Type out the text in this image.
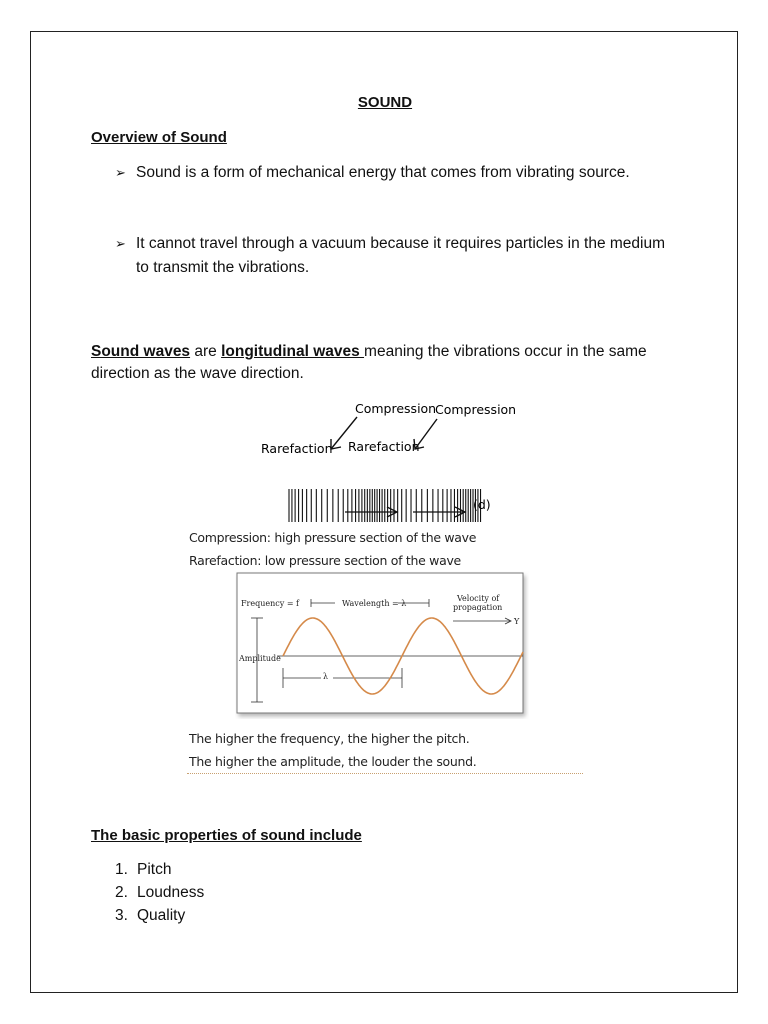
SOUND
Overview of Sound
➢ Sound is a form of mechanical energy that comes from vibrating source.
➢ It cannot travel through a vacuum because it requires particles in the medium to transmit the vibrations.
Sound waves are longitudinal waves meaning the vibrations occur in the same direction as the wave direction.
Compression
Compression
Rarefaction Rarefaction
(d)
Compression: high pressure section of the wave
Rarefaction: low pressure section of the wave
Frequency = f	Wavelength = λ
Velocity of
propagation
Y
Amplitude
λ
The higher the frequency, the higher the pitch.
The higher the amplitude, the louder the sound.
The basic properties of sound include
1. Pitch
2. Loudness
3. Quality
